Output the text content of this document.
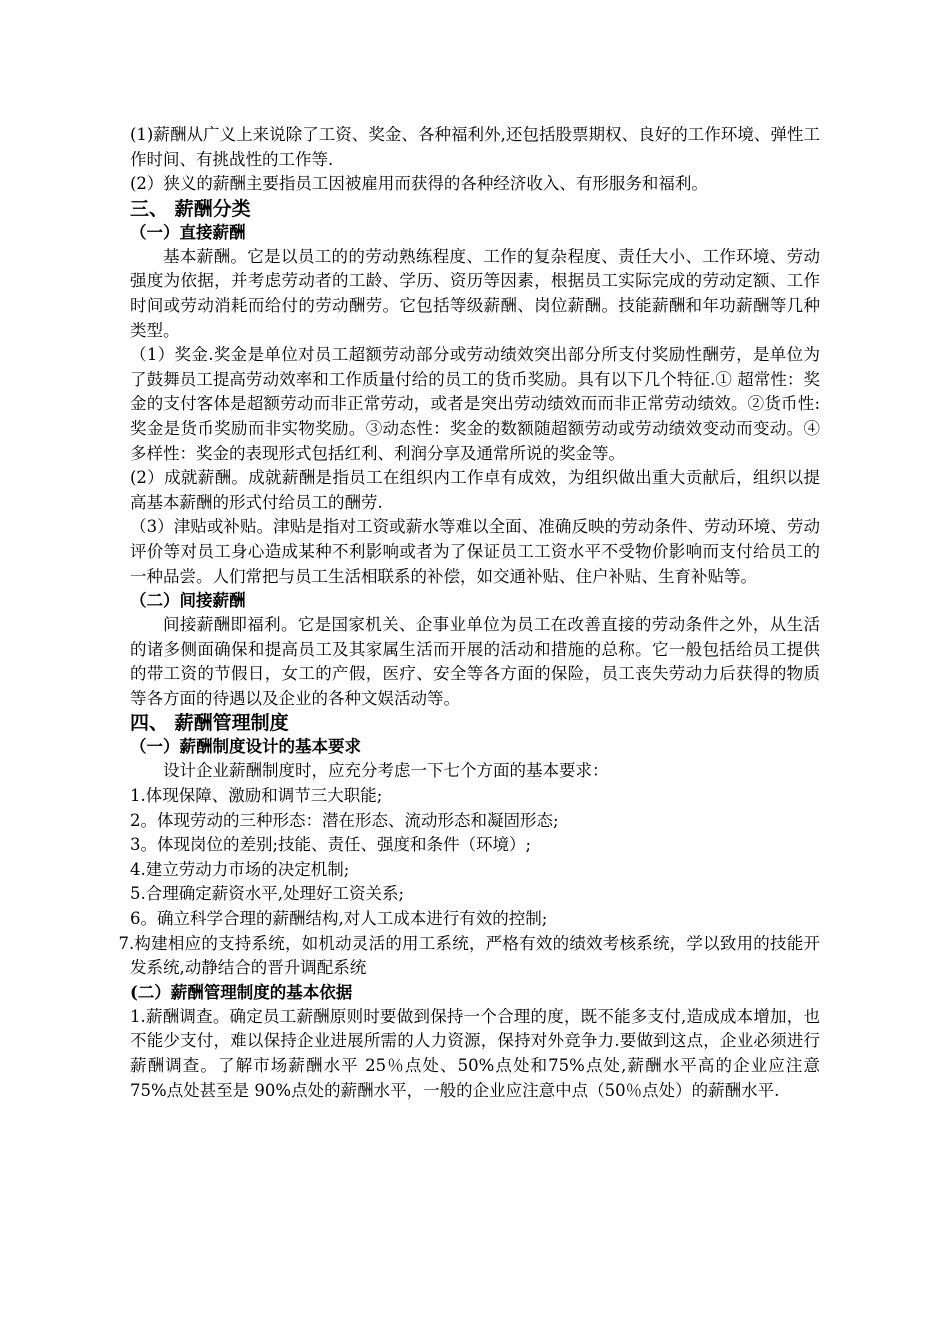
(1)薪酬从广义上来说除了工资、奖金、各种福利外,还包括股票期权、良好的工作环境、弹性工作时间、有挑战性的工作等.

(2）狭义的薪酬主要指员工因被雇用而获得的各种经济收入、有形服务和福利。

三、 薪酬分类

（一）直接薪酬

基本薪酬。它是以员工的的劳动熟练程度、工作的复杂程度、责任大小、工作环境、劳动强度为依据，并考虑劳动者的工龄、学历、资历等因素，根据员工实际完成的劳动定额、工作时间或劳动消耗而给付的劳动酬劳。它包括等级薪酬、岗位薪酬。技能薪酬和年功薪酬等几种类型。

（1）奖金.奖金是单位对员工超额劳动部分或劳动绩效突出部分所支付奖励性酬劳，是单位为了鼓舞员工提高劳动效率和工作质量付给的员工的货币奖励。具有以下几个特征.① 超常性：奖金的支付客体是超额劳动而非正常劳动，或者是突出劳动绩效而而非正常劳动绩效。②货币性:奖金是货币奖励而非实物奖励。③动态性：奖金的数额随超额劳动或劳动绩效变动而变动。④多样性：奖金的表现形式包括红利、利润分享及通常所说的奖金等。

(2）成就薪酬。成就薪酬是指员工在组织内工作卓有成效，为组织做出重大贡献后，组织以提高基本薪酬的形式付给员工的酬劳.

（3）津贴或补贴。津贴是指对工资或薪水等难以全面、准确反映的劳动条件、劳动环境、劳动评价等对员工身心造成某种不利影响或者为了保证员工工资水平不受物价影响而支付给员工的一种品尝。人们常把与员工生活相联系的补偿，如交通补贴、住户补贴、生育补贴等。

（二）间接薪酬

间接薪酬即福利。它是国家机关、企事业单位为员工在改善直接的劳动条件之外，从生活的诸多侧面确保和提高员工及其家属生活而开展的活动和措施的总称。它一般包括给员工提供的带工资的节假日，女工的产假，医疗、安全等各方面的保险，员工丧失劳动力后获得的物质等各方面的待遇以及企业的各种文娱活动等。

四、 薪酬管理制度

（一）薪酬制度设计的基本要求

设计企业薪酬制度时，应充分考虑一下七个方面的基本要求：

1.体现保障、激励和调节三大职能;

2。体现劳动的三种形态：潜在形态、流动形态和凝固形态;

3。体现岗位的差别;技能、责任、强度和条件（环境）;

4.建立劳动力市场的决定机制;

5.合理确定薪资水平,处理好工资关系;

6。确立科学合理的薪酬结构,对人工成本进行有效的控制;

7.构建相应的支持系统，如机动灵活的用工系统，严格有效的绩效考核系统，学以致用的技能开发系统,动静结合的晋升调配系统

(二）薪酬管理制度的基本依据

1.薪酬调查。确定员工薪酬原则时要做到保持一个合理的度，既不能多支付,造成成本增加，也不能少支付，难以保持企业进展所需的人力资源，保持对外竞争力.要做到这点，企业必须进行薪酬调查。了解市场薪酬水平 25％点处、50%点处和75%点处,薪酬水平高的企业应注意 75%点处甚至是 90%点处的薪酬水平，一般的企业应注意中点（50％点处）的薪酬水平.
